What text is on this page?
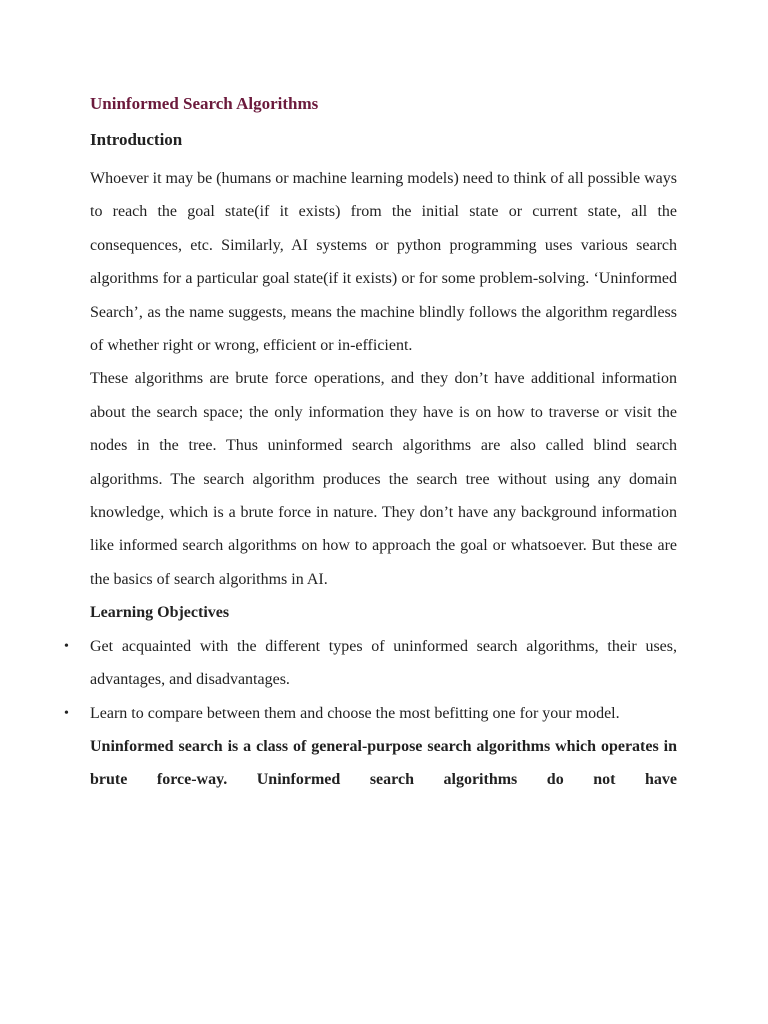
Uninformed Search Algorithms
Introduction

Whoever it may be (humans or machine learning models) need to think of all possible ways to reach the goal state(if it exists) from the initial state or current state, all the consequences, etc. Similarly, AI systems or python programming uses various search algorithms for a particular goal state(if it exists) or for some problem-solving. ‘Uninformed Search’, as the name suggests, means the machine blindly follows the algorithm regardless of whether right or wrong, efficient or in-efficient.

These algorithms are brute force operations, and they don’t have additional information about the search space; the only information they have is on how to traverse or visit the nodes in the tree. Thus uninformed search algorithms are also called blind search algorithms. The search algorithm produces the search tree without using any domain knowledge, which is a brute force in nature. They don’t have any background information like informed search algorithms on how to approach the goal or whatsoever. But these are the basics of search algorithms in AI.

Learning Objectives
• Get acquainted with the different types of uninformed search algorithms, their uses, advantages, and disadvantages.
• Learn to compare between them and choose the most befitting one for your model.

Uninformed search is a class of general-purpose search algorithms which operates in brute force-way. Uninformed search algorithms do not have
